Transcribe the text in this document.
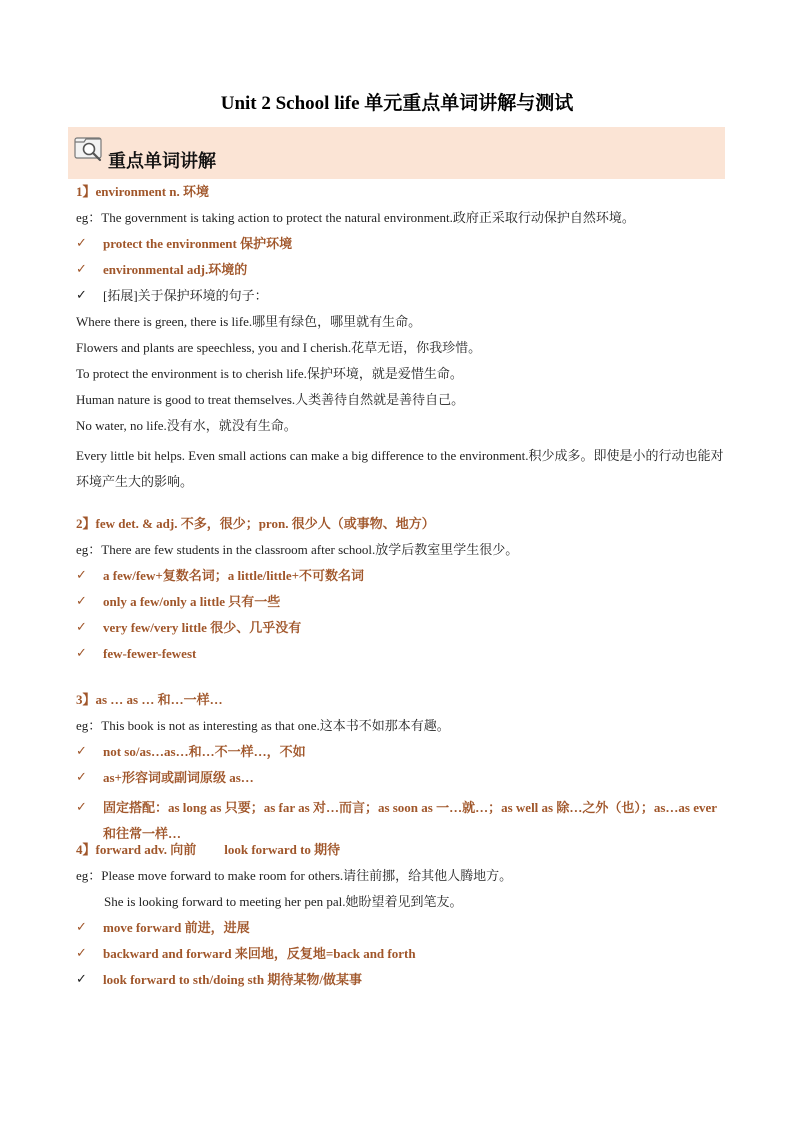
Unit 2 School life 单元重点单词讲解与测试
重点单词讲解
1】environment n. 环境
eg：The government is taking action to protect the natural environment.政府正采取行动保护自然环境。
✓ protect the environment 保护环境
✓ environmental adj.环境的
✓ [拓展]关于保护环境的句子：
Where there is green, there is life.哪里有绿色，哪里就有生命。
Flowers and plants are speechless, you and I cherish.花草无语，你我珍惜。
To protect the environment is to cherish life.保护环境，就是爱惜生命。
Human nature is good to treat themselves.人类善待自然就是善待自己。
No water, no life.没有水，就没有生命。
Every little bit helps. Even small actions can make a big difference to the environment.积少成多。即使是小的行动也能对环境产生大的影响。
2】few det. & adj. 不多，很少；pron. 很少人（或事物、地方）
eg：There are few students in the classroom after school.放学后教室里学生很少。
✓ a few/few+复数名词；a little/little+不可数名词
✓ only a few/only a little 只有一些
✓ very few/very little 很少、几乎没有
✓ few-fewer-fewest
3】as … as … 和…一样…
eg：This book is not as interesting as that one.这本书不如那本有趣。
✓ not so/as…as…和…不一样…，不如
✓ as+形容词或副词原级 as…
✓ 固定搭配：as long as 只要；as far as 对…而言；as soon as 一…就…；as well as 除…之外（也）；as…as ever 和往常一样…
4】forward adv. 向前 look forward to 期待
eg：Please move forward to make room for others.请往前挪，给其他人腾地方。
She is looking forward to meeting her pen pal.她盼望着见到笔友。
✓ move forward 前进，进展
✓ backward and forward 来回地，反复地=back and forth
✓ look forward to sth/doing sth 期待某物/做某事
